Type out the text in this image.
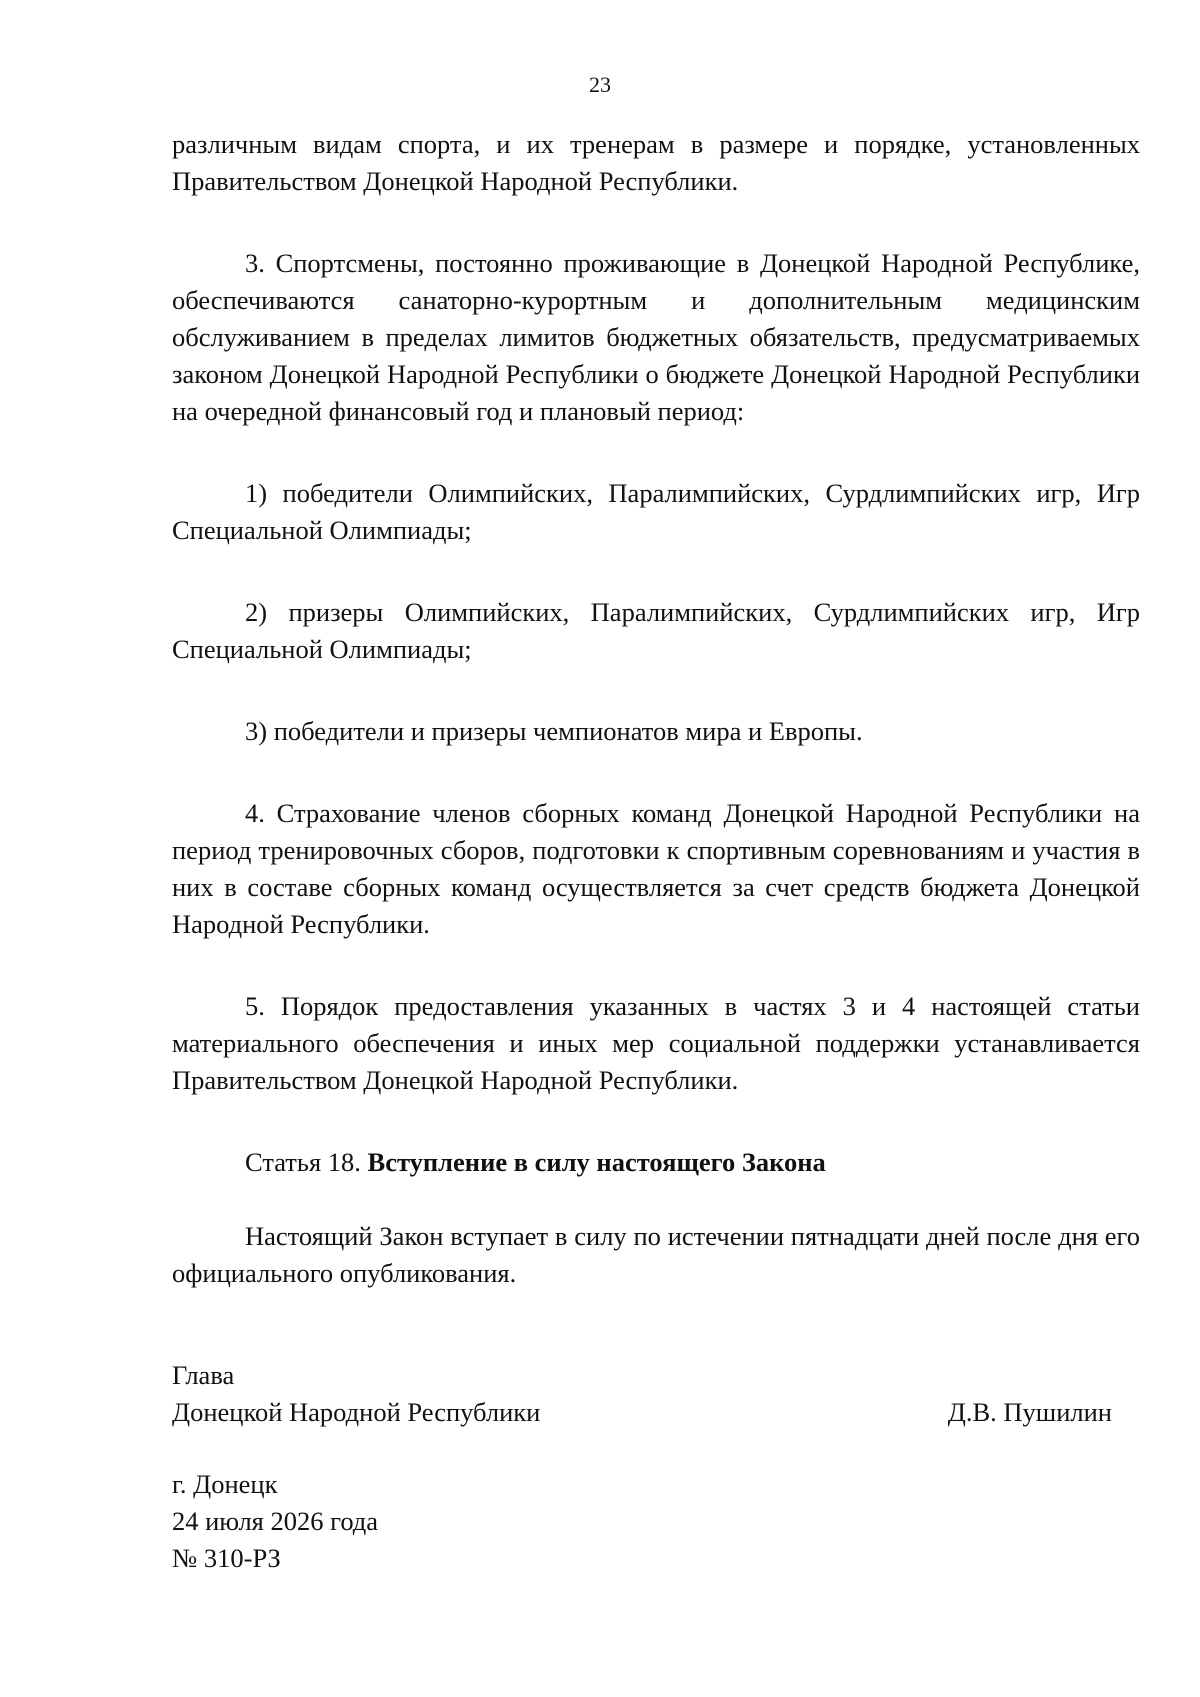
23

различным видам спорта, и их тренерам в размере и порядке, установленных Правительством Донецкой Народной Республики.

3. Спортсмены, постоянно проживающие в Донецкой Народной Республике, обеспечиваются санаторно-курортным и дополнительным медицинским обслуживанием в пределах лимитов бюджетных обязательств, предусматриваемых законом Донецкой Народной Республики о бюджете Донецкой Народной Республики на очередной финансовый год и плановый период:

1) победители Олимпийских, Паралимпийских, Сурдлимпийских игр, Игр Специальной Олимпиады;

2) призеры Олимпийских, Паралимпийских, Сурдлимпийских игр, Игр Специальной Олимпиады;

3) победители и призеры чемпионатов мира и Европы.

4. Страхование членов сборных команд Донецкой Народной Республики на период тренировочных сборов, подготовки к спортивным соревнованиям и участия в них в составе сборных команд осуществляется за счет средств бюджета Донецкой Народной Республики.

5. Порядок предоставления указанных в частях 3 и 4 настоящей статьи материального обеспечения и иных мер социальной поддержки устанавливается Правительством Донецкой Народной Республики.

Статья 18. Вступление в силу настоящего Закона

Настоящий Закон вступает в силу по истечении пятнадцати дней после дня его официального опубликования.

Глава
Донецкой Народной Республики	Д.В. Пушилин
г. Донецк
24 июля 2026 года
№ 310-РЗ
